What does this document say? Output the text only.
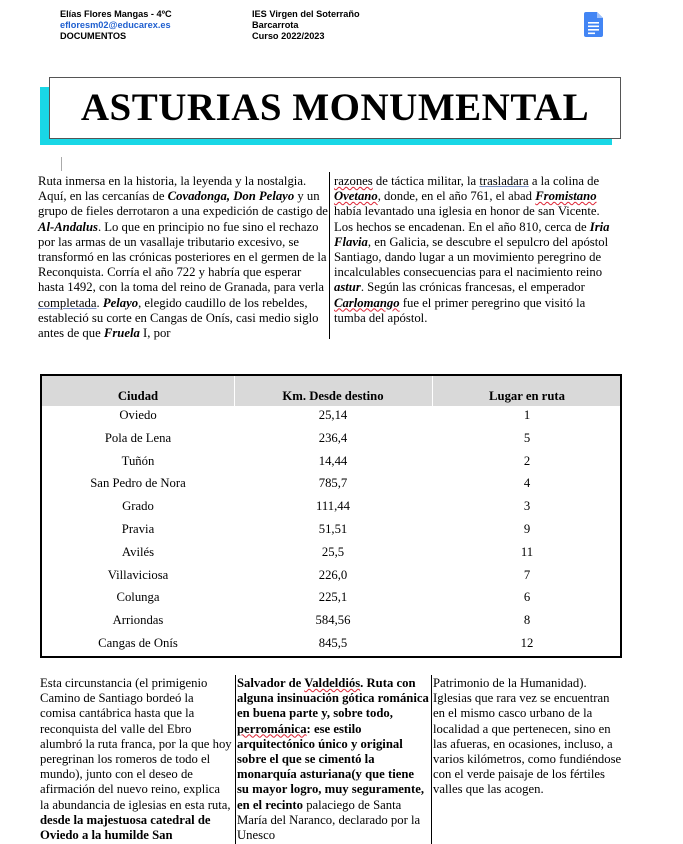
Elías Flores Mangas - 4ºC
efloresm02@educarex.es
DOCUMENTOS
IES Virgen del Soterraño
Barcarrota
Curso 2022/2023
ASTURIAS MONUMENTAL
Ruta inmersa en la historia, la leyenda y la nostalgia. Aquí, en las cercanías de Covadonga, Don Pelayo y un grupo de fieles derrotaron a una expedición de castigo de Al-Andalus. Lo que en principio no fue sino el rechazo por las armas de un vasallaje tributario excesivo, se transformó en las crónicas posteriores en el germen de la Reconquista. Corría el año 722 y habría que esperar hasta 1492, con la toma del reino de Granada, para verla completada. Pelayo, elegido caudillo de los rebeldes, estableció su corte en Cangas de Onís, casi medio siglo antes de que Fruela I, por
razones de táctica militar, la trasladara a la colina de Ovetano, donde, en el año 761, el abad Fromistano había levantado una iglesia en honor de san Vicente. Los hechos se encadenan. En el año 810, cerca de Iria Flavia, en Galicia, se descubre el sepulcro del apóstol Santiago, dando lugar a un movimiento peregrino de incalculables consecuencias para el nacimiento reino astur. Según las crónicas francesas, el emperador Carlomango fue el primer peregrino que visitó la tumba del apóstol.
Ciudad	Km. Desde destino	Lugar en ruta
Oviedo	25,14	1
Pola de Lena	236,4	5
Tuñón	14,44	2
San Pedro de Nora	785,7	4
Grado	111,44	3
Pravia	51,51	9
Avilés	25,5	11
Villaviciosa	226,0	7
Colunga	225,1	6
Arriondas	584,56	8
Cangas de Onís	845,5	12
Esta circunstancia (el primigenio Camino de Santiago bordeó la comisa cantábrica hasta que la reconquista del valle del Ebro alumbró la ruta franca, por la que hoy peregrinan los romeros de todo el mundo), junto con el deseo de afirmación del nuevo reino, explica la abundancia de iglesias en esta ruta, desde la majestuosa catedral de Oviedo a la humilde San
Salvador de Valdeldiós. Ruta con alguna insinuación gótica románica en buena parte y, sobre todo, perrománica: ese estilo arquitectónico único y original sobre el que se cimentó la monarquía asturiana(y que tiene su mayor logro, muy seguramente, en el recinto palaciego de Santa María del Naranco, declarado por la Unesco
Patrimonio de la Humanidad). Iglesias que rara vez se encuentran en el mismo casco urbano de la localidad a que pertenecen, sino en las afueras, en ocasiones, incluso, a varios kilómetros, como fundiéndose con el verde paisaje de los fértiles valles que las acogen.
